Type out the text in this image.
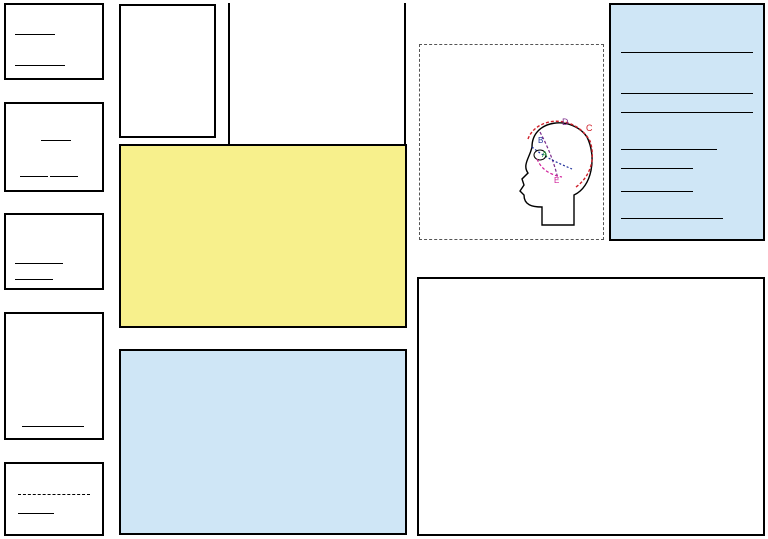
D
C
B
A
E
